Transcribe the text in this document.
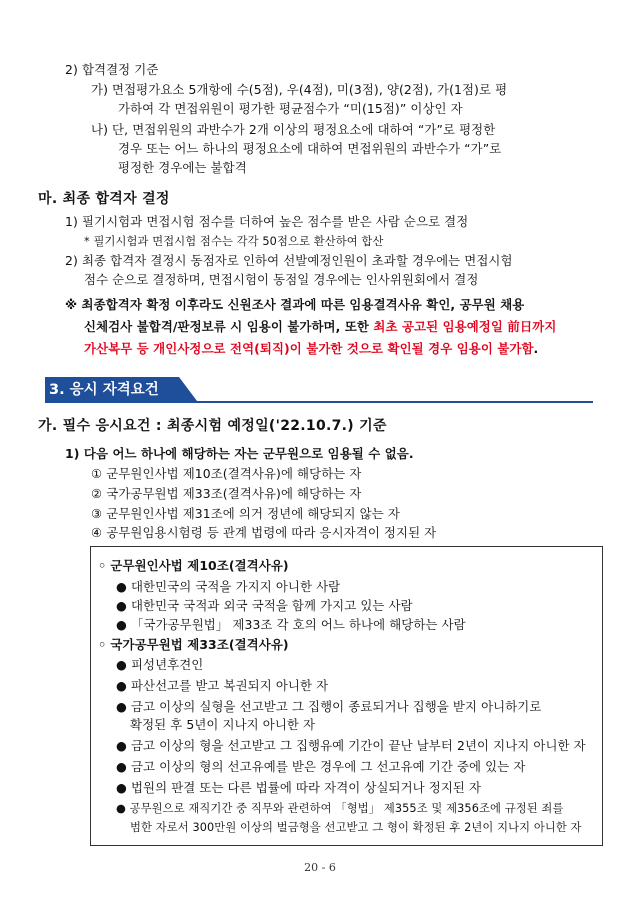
2) 합격결정 기준
가) 면접평가요소 5개항에 수(5점), 우(4점), 미(3점), 양(2점), 가(1점)로 평
가하여 각 면접위원이 평가한 평균점수가 “미(15점)” 이상인 자
나) 단, 면접위원의 과반수가 2개 이상의 평정요소에 대하여 “가”로 평정한
경우 또는 어느 하나의 평정요소에 대하여 면접위원의 과반수가 “가”로
평정한 경우에는 불합격
마. 최종 합격자 결정
1) 필기시험과 면접시험 점수를 더하여 높은 점수를 받은 사람 순으로 결정
* 필기시험과 면접시험 점수는 각각 50점으로 환산하여 합산
2) 최종 합격자 결정시 동점자로 인하여 선발예정인원이 초과할 경우에는 면접시험
점수 순으로 결정하며, 면접시험이 동점일 경우에는 인사위원회에서 결정
※ 최종합격자 확정 이후라도 신원조사 결과에 따른 임용결격사유 확인, 공무원 채용
신체검사 불합격/판정보류 시 임용이 불가하며, 또한 최초 공고된 임용예정일 前日까지
가산복무 등 개인사정으로 전역(퇴직)이 불가한 것으로 확인될 경우 임용이 불가함.
3. 응시 자격요건
가. 필수 응시요건 : 최종시험 예정일('22.10.7.) 기준
1) 다음 어느 하나에 해당하는 자는 군무원으로 임용될 수 없음.
① 군무원인사법 제10조(결격사유)에 해당하는 자
② 국가공무원법 제33조(결격사유)에 해당하는 자
③ 군무원인사법 제31조에 의거 정년에 해당되지 않는 자
④ 공무원임용시험령 등 관계 법령에 따라 응시자격이 정지된 자
◦ 군무원인사법 제10조(결격사유)
● 대한민국의 국적을 가지지 아니한 사람
● 대한민국 국적과 외국 국적을 함께 가지고 있는 사람
● 「국가공무원법」 제33조 각 호의 어느 하나에 해당하는 사람
◦ 국가공무원법 제33조(결격사유)
● 피성년후견인
● 파산선고를 받고 복권되지 아니한 자
● 금고 이상의 실형을 선고받고 그 집행이 종료되거나 집행을 받지 아니하기로
확정된 후 5년이 지나지 아니한 자
● 금고 이상의 형을 선고받고 그 집행유예 기간이 끝난 날부터 2년이 지나지 아니한 자
● 금고 이상의 형의 선고유예를 받은 경우에 그 선고유예 기간 중에 있는 자
● 법원의 판결 또는 다른 법률에 따라 자격이 상실되거나 정지된 자
● 공무원으로 재직기간 중 직무와 관련하여 「형법」 제355조 및 제356조에 규정된 죄를
범한 자로서 300만원 이상의 벌금형을 선고받고 그 형이 확정된 후 2년이 지나지 아니한 자
20 - 6
